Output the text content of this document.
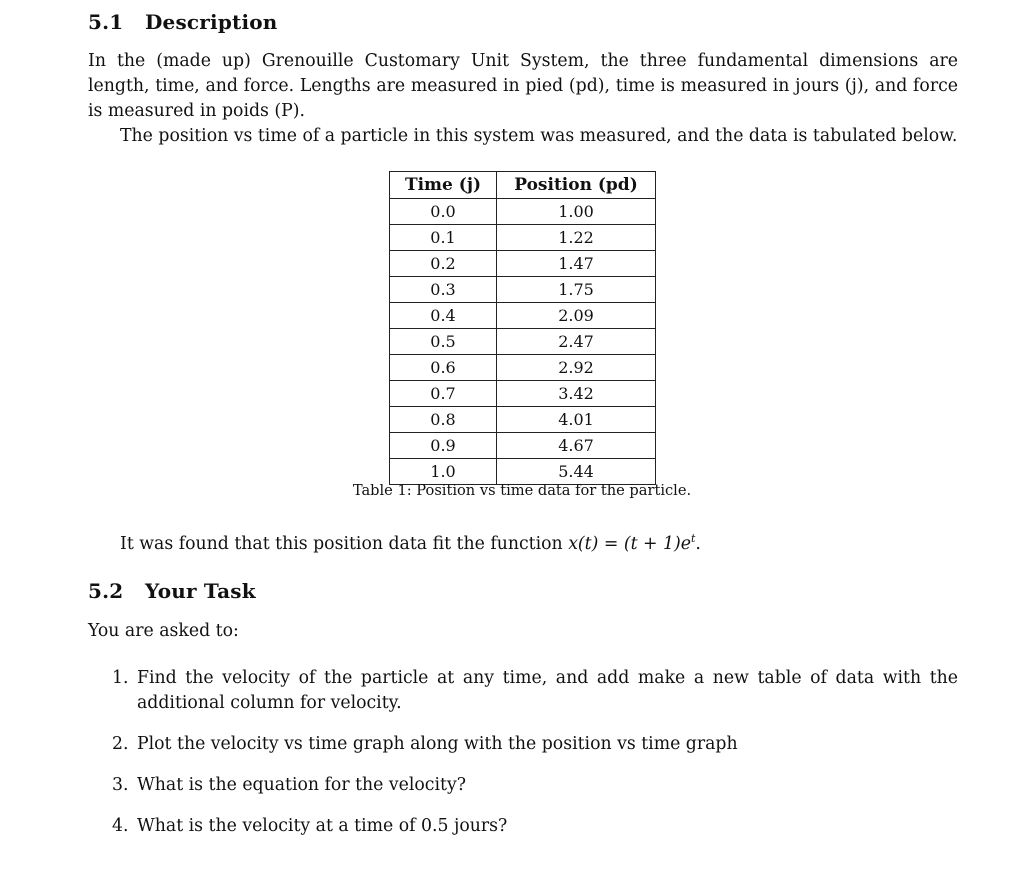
5.1 Description

In the (made up) Grenouille Customary Unit System, the three fundamental dimensions are length, time, and force. Lengths are measured in pied (pd), time is measured in jours (j), and force is measured in poids (P).

The position vs time of a particle in this system was measured, and the data is tabulated below.

Time (j)	Position (pd)
0.0	1.00
0.1	1.22
0.2	1.47
0.3	1.75
0.4	2.09
0.5	2.47
0.6	2.92
0.7	3.42
0.8	4.01
0.9	4.67
1.0	5.44
Table 1: Position vs time data for the particle.

It was found that this position data fit the function $x(t) = (t + 1)e^t$.

5.2 Your Task

You are asked to:

1. Find the velocity of the particle at any time, and add make a new table of data with the additional column for velocity.
2. Plot the velocity vs time graph along with the position vs time graph
3. What is the equation for the velocity?
4. What is the velocity at a time of 0.5 jours?
